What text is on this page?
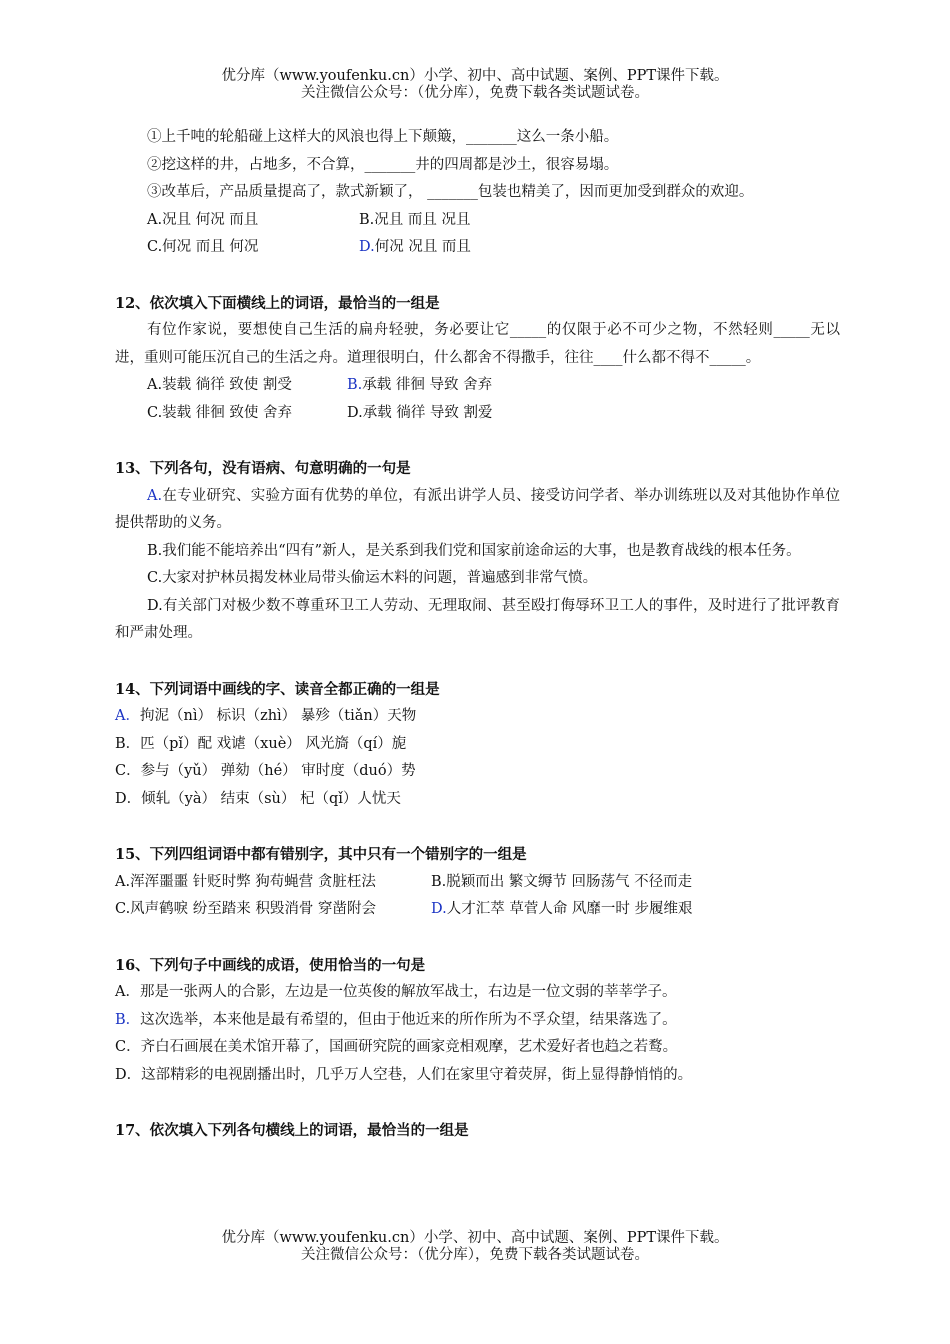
优分库（www.youfenku.cn）小学、初中、高中试题、案例、PPT课件下载。
关注微信公众号：（优分库），免费下载各类试题试卷。
①上千吨的轮船碰上这样大的风浪也得上下颠簸，_______这么一条小船。
②挖这样的井，占地多，不合算，_______井的四周都是沙土，很容易塌。
③改革后，产品质量提高了，款式新颖了， _______包装也精美了，因而更加受到群众的欢迎。
A.况且 何况 而且	B.况且 而且 况且
C.何况 而且 何况	D.何况 况且 而且
12、依次填入下面横线上的词语，最恰当的一组是
有位作家说，要想使自己生活的扁舟轻驶，务必要让它_____的仅限于必不可少之物，不然轻则_____无以进，重则可能压沉自己的生活之舟。道理很明白，什么都舍不得撒手，往往____什么都不得不_____。
A.装载 徜徉 致使 割受	B.承载 徘徊 导致 舍弃
C.装载 徘徊 致使 舍弃	D.承载 徜徉 导致 割爱
13、下列各句，没有语病、句意明确的一句是
A.在专业研究、实验方面有优势的单位，有派出讲学人员、接受访问学者、举办训练班以及对其他协作单位提供帮助的义务。
B.我们能不能培养出“四有”新人，是关系到我们党和国家前途命运的大事，也是教育战线的根本任务。
C.大家对护林员揭发林业局带头偷运木料的问题，普遍感到非常气愤。
D.有关部门对极少数不尊重环卫工人劳动、无理取闹、甚至殴打侮辱环卫工人的事件，及时进行了批评教育和严肃处理。
14、下列词语中画线的字、读音全都正确的一组是
A．拘泥（nì） 标识（zhì） 暴殄（tiǎn）天物
B．匹（pǐ）配 戏谑（xuè） 风光旖（qí）旎
C．参与（yǔ） 弹劾（hé） 审时度（duó）势
D．倾轧（yà） 结束（sù） 杞（qǐ）人忧天
15、下列四组词语中都有错别字，其中只有一个错别字的一组是
A.浑浑噩噩 针贬时弊 狗苟蝇营 贪脏枉法	B.脱颖而出 繁文缛节 回肠荡气 不径而走
C.风声鹤唳 纷至踏来 积毁消骨 穿凿附会	D.人才汇萃 草菅人命 风靡一时 步履维艰
16、下列句子中画线的成语，使用恰当的一句是
A．那是一张两人的合影，左边是一位英俊的解放军战士，右边是一位文弱的莘莘学子。
B．这次选举，本来他是最有希望的，但由于他近来的所作所为不孚众望，结果落选了。
C．齐白石画展在美术馆开幕了，国画研究院的画家竞相观摩，艺术爱好者也趋之若鹜。
D．这部精彩的电视剧播出时，几乎万人空巷，人们在家里守着荧屏，街上显得静悄悄的。
17、依次填入下列各句横线上的词语，最恰当的一组是
优分库（www.youfenku.cn）小学、初中、高中试题、案例、PPT课件下载。
关注微信公众号：（优分库），免费下载各类试题试卷。
